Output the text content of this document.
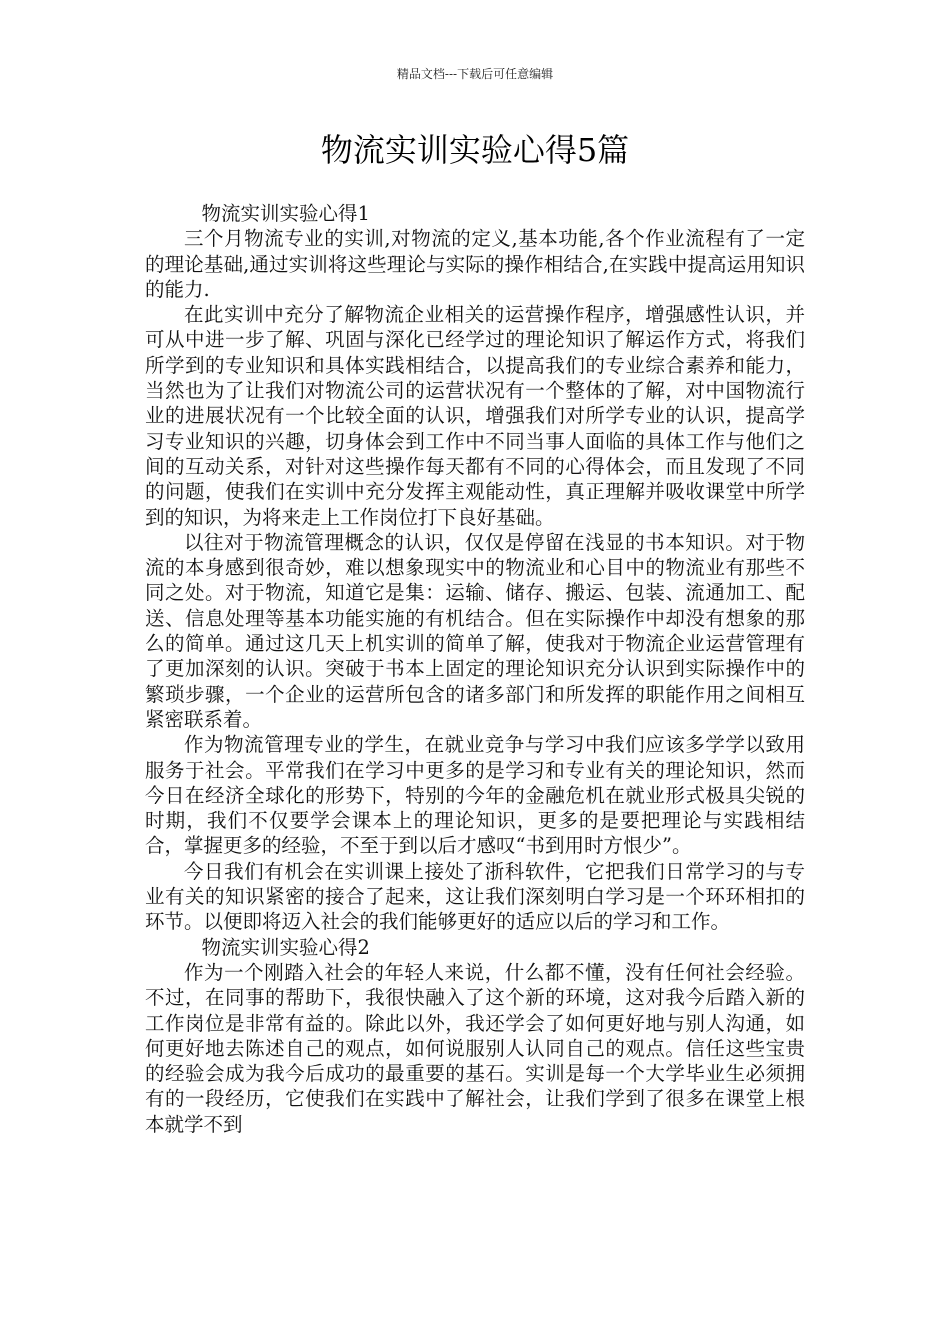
精品文档---下载后可任意编辑
物流实训实验心得5篇

物流实训实验心得1

三个月物流专业的实训,对物流的定义,基本功能,各个作业流程有了一定的理论基础,通过实训将这些理论与实际的操作相结合,在实践中提高运用知识的能力.

在此实训中充分了解物流企业相关的运营操作程序，增强感性认识，并可从中进一步了解、巩固与深化已经学过的理论知识了解运作方式，将我们所学到的专业知识和具体实践相结合，以提高我们的专业综合素养和能力，当然也为了让我们对物流公司的运营状况有一个整体的了解，对中国物流行业的进展状况有一个比较全面的认识，增强我们对所学专业的认识，提高学习专业知识的兴趣，切身体会到工作中不同当事人面临的具体工作与他们之间的互动关系，对针对这些操作每天都有不同的心得体会，而且发现了不同的问题，使我们在实训中充分发挥主观能动性，真正理解并吸收课堂中所学到的知识，为将来走上工作岗位打下良好基础。

以往对于物流管理概念的认识，仅仅是停留在浅显的书本知识。对于物流的本身感到很奇妙，难以想象现实中的物流业和心目中的物流业有那些不同之处。对于物流，知道它是集：运输、储存、搬运、包装、流通加工、配送、信息处理等基本功能实施的有机结合。但在实际操作中却没有想象的那么的简单。通过这几天上机实训的简单了解，使我对于物流企业运营管理有了更加深刻的认识。突破于书本上固定的理论知识充分认识到实际操作中的繁琐步骤，一个企业的运营所包含的诸多部门和所发挥的职能作用之间相互紧密联系着。

作为物流管理专业的学生，在就业竞争与学习中我们应该多学学以致用服务于社会。平常我们在学习中更多的是学习和专业有关的理论知识，然而今日在经济全球化的形势下，特别的今年的金融危机在就业形式极具尖锐的时期，我们不仅要学会课本上的理论知识，更多的是要把理论与实践相结合，掌握更多的经验，不至于到以后才感叹“书到用时方恨少”。

今日我们有机会在实训课上接处了浙科软件，它把我们日常学习的与专业有关的知识紧密的接合了起来，这让我们深刻明白学习是一个环环相扣的环节。以便即将迈入社会的我们能够更好的适应以后的学习和工作。

物流实训实验心得2

作为一个刚踏入社会的年轻人来说，什么都不懂，没有任何社会经验。不过，在同事的帮助下，我很快融入了这个新的环境，这对我今后踏入新的工作岗位是非常有益的。除此以外，我还学会了如何更好地与别人沟通，如何更好地去陈述自己的观点，如何说服别人认同自己的观点。信任这些宝贵的经验会成为我今后成功的最重要的基石。实训是每一个大学毕业生必须拥有的一段经历，它使我们在实践中了解社会，让我们学到了很多在课堂上根本就学不到
